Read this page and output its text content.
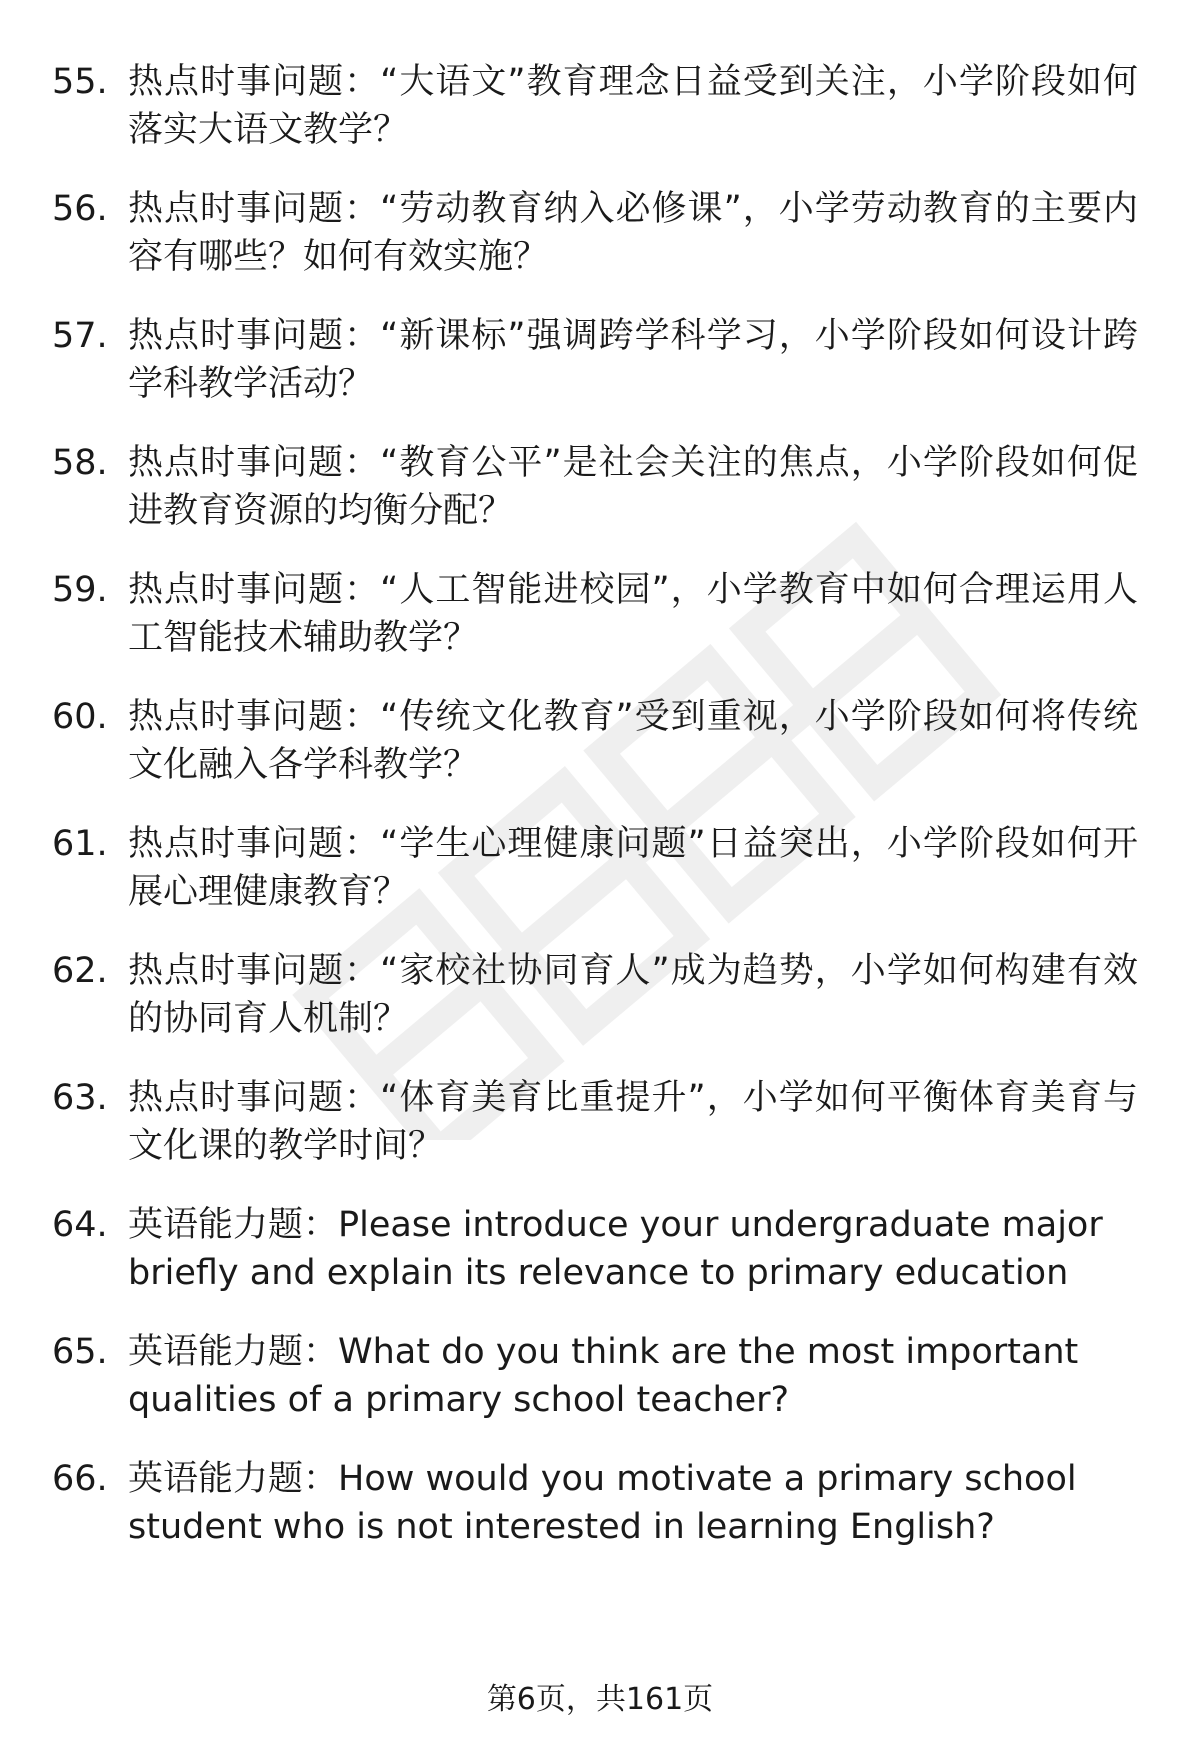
55. 热点时事问题：“大语文”教育理念日益受到关注，小学阶段如何落实大语文教学？
56. 热点时事问题：“劳动教育纳入必修课”，小学劳动教育的主要内容有哪些？如何有效实施？
57. 热点时事问题：“新课标”强调跨学科学习，小学阶段如何设计跨学科教学活动？
58. 热点时事问题：“教育公平”是社会关注的焦点，小学阶段如何促进教育资源的均衡分配？
59. 热点时事问题：“人工智能进校园”，小学教育中如何合理运用人工智能技术辅助教学？
60. 热点时事问题：“传统文化教育”受到重视，小学阶段如何将传统文化融入各学科教学？
61. 热点时事问题：“学生心理健康问题”日益突出，小学阶段如何开展心理健康教育？
62. 热点时事问题：“家校社协同育人”成为趋势，小学如何构建有效的协同育人机制？
63. 热点时事问题：“体育美育比重提升”，小学如何平衡体育美育与文化课的教学时间？
64. 英语能力题：Please introduce your undergraduate major briefly and explain its relevance to primary education
65. 英语能力题：What do you think are the most important qualities of a primary school teacher?
66. 英语能力题：How would you motivate a primary school student who is not interested in learning English?
第6页，共161页
